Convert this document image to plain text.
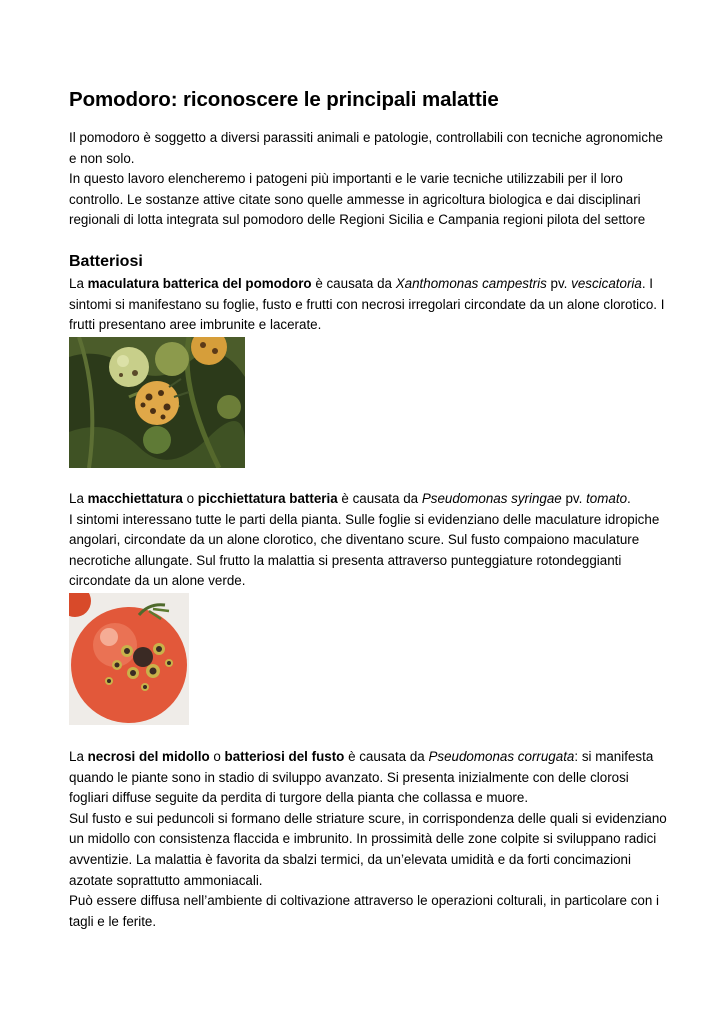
Pomodoro: riconoscere le principali malattie

Il pomodoro è soggetto a diversi parassiti animali e patologie, controllabili con tecniche agronomiche e non solo.

In questo lavoro elencheremo i patogeni più importanti e le varie tecniche utilizzabili per il loro controllo. Le sostanze attive citate sono quelle ammesse in agricoltura biologica e dai disciplinari regionali di lotta integrata sul pomodoro delle Regioni Sicilia e Campania regioni pilota del settore

Batteriosi

La maculatura batterica del pomodoro è causata da Xanthomonas campestris pv. vescicatoria. I sintomi si manifestano su foglie, fusto e frutti con necrosi irregolari circondate da un alone clorotico. I frutti presentano aree imbrunite e lacerate.

La macchiettatura o picchiettatura batteria è causata da Pseudomonas syringae pv. tomato.

I sintomi interessano tutte le parti della pianta. Sulle foglie si evidenziano delle maculature idropiche angolari, circondate da un alone clorotico, che diventano scure. Sul fusto compaiono maculature necrotiche allungate. Sul frutto la malattia si presenta attraverso punteggiature rotondeggianti circondate da un alone verde.

La necrosi del midollo o batteriosi del fusto è causata da Pseudomonas corrugata: si manifesta quando le piante sono in stadio di sviluppo avanzato. Si presenta inizialmente con delle clorosi fogliari diffuse seguite da perdita di turgore della pianta che collassa e muore.

Sul fusto e sui peduncoli si formano delle striature scure, in corrispondenza delle quali si evidenziano un midollo con consistenza flaccida e imbrunito. In prossimità delle zone colpite si sviluppano radici avventizie. La malattia è favorita da sbalzi termici, da un’elevata umidità e da forti concimazioni azotate soprattutto ammoniacali.

Può essere diffusa nell’ambiente di coltivazione attraverso le operazioni colturali, in particolare con i tagli e le ferite.
